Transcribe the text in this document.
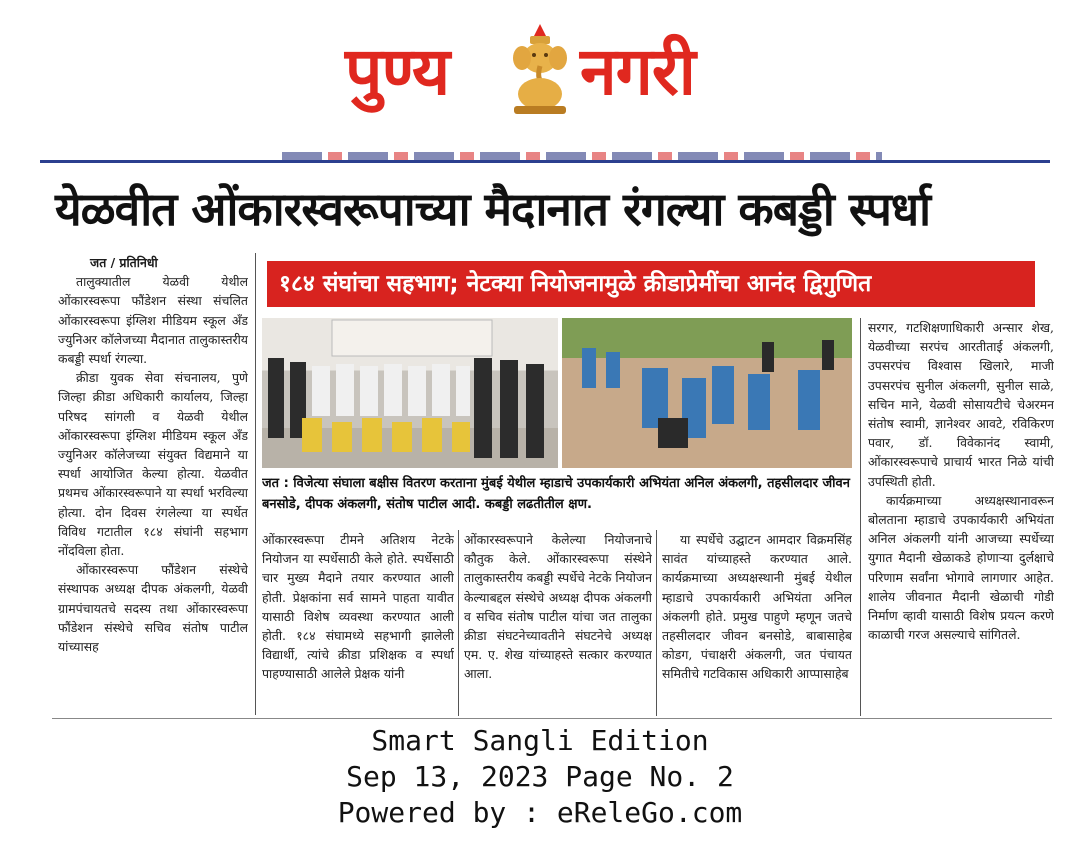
पुण्य नगरी
येळवीत ओंकारस्वरूपाच्या मैदानात रंगल्या कबड्डी स्पर्धा
१८४ संघांचा सहभाग; नेटक्या नियोजनामुळे क्रीडाप्रेमींचा आनंद द्विगुणित

जत / प्रतिनिधी

तालुक्यातील येळवी येथील ओंकारस्वरूपा फौंडेशन संस्था संचलित ओंकारस्वरूपा इंग्लिश मीडियम स्कूल अँड ज्युनिअर कॉलेजच्या मैदानात तालुकास्तरीय कबड्डी स्पर्धा रंगल्या.

क्रीडा युवक सेवा संचनालय, पुणे जिल्हा क्रीडा अधिकारी कार्यालय, जिल्हा परिषद सांगली व येळवी येथील ओंकारस्वरूपा इंग्लिश मीडियम स्कूल अँड ज्युनिअर कॉलेजच्या संयुक्त विद्यमाने या स्पर्धा आयोजित केल्या होत्या. येळवीत प्रथमच ओंकारस्वरूपाने या स्पर्धा भरविल्या होत्या. दोन दिवस रंगलेल्या या स्पर्धेत विविध गटातील १८४ संघांनी सहभाग नोंदविला होता.

ओंकारस्वरूपा फौंडेशन संस्थेचे संस्थापक अध्यक्ष दीपक अंकलगी, येळवी ग्रामपंचायतचे सदस्य तथा ओंकारस्वरूपा फौंडेशन संस्थेचे सचिव संतोष पाटील यांच्यासह

जत : विजेत्या संघाला बक्षीस वितरण करताना मुंबई येथील म्हाडाचे उपकार्यकारी अभियंता अनिल अंकलगी, तहसीलदार जीवन बनसोडे, दीपक अंकलगी, संतोष पाटील आदी. कबड्डी लढतीतील क्षण.

ओंकारस्वरूपा टीमने अतिशय नेटके नियोजन या स्पर्धेसाठी केले होते. स्पर्धेसाठी चार मुख्य मैदाने तयार करण्यात आली होती. प्रेक्षकांना सर्व सामने पाहता यावीत यासाठी विशेष व्यवस्था करण्यात आली होती. १८४ संघामध्ये सहभागी झालेली विद्यार्थी, त्यांचे क्रीडा प्रशिक्षक व स्पर्धा पाहण्यासाठी आलेले प्रेक्षक यांनी

ओंकारस्वरूपाने केलेल्या नियोजनाचे कौतुक केले. ओंकारस्वरूपा संस्थेने तालुकास्तरीय कबड्डी स्पर्धेचे नेटके नियोजन केल्याबद्दल संस्थेचे अध्यक्ष दीपक अंकलगी व सचिव संतोष पाटील यांचा जत तालुका क्रीडा संघटनेच्यावतीने संघटनेचे अध्यक्ष एम. ए. शेख यांच्याहस्ते सत्कार करण्यात आला.

या स्पर्धेचे उद्घाटन आमदार विक्रमसिंह सावंत यांच्याहस्ते करण्यात आले. कार्यक्रमाच्या अध्यक्षस्थानी मुंबई येथील म्हाडाचे उपकार्यकारी अभियंता अनिल अंकलगी होते. प्रमुख पाहुणे म्हणून जतचे तहसीलदार जीवन बनसोडे, बाबासाहेब कोडग, पंचाक्षरी अंकलगी, जत पंचायत समितीचे गटविकास अधिकारी आप्पासाहेब

सरगर, गटशिक्षणाधिकारी अन्सार शेख, येळवीच्या सरपंच आरतीताई अंकलगी, उपसरपंच विश्वास खिलारे, माजी उपसरपंच सुनील अंकलगी, सुनील साळे, सचिन माने, येळवी सोसायटीचे चेअरमन संतोष स्वामी, ज्ञानेश्वर आवटे, रविकिरण पवार, डॉ. विवेकानंद स्वामी, ओंकारस्वरूपाचे प्राचार्य भारत निळे यांची उपस्थिती होती.

कार्यक्रमाच्या अध्यक्षस्थानावरून बोलताना म्हाडाचे उपकार्यकारी अभियंता अनिल अंकलगी यांनी आजच्या स्पर्धेच्या युगात मैदानी खेळाकडे होणाऱ्या दुर्लक्षाचे परिणाम सर्वांना भोगावे लागणार आहेत. शालेय जीवनात मैदानी खेळाची गोडी निर्माण व्हावी यासाठी विशेष प्रयत्न करणे काळाची गरज असल्याचे सांगितले.

Smart Sangli Edition
Sep 13, 2023 Page No. 2
Powered by : eReleGo.com
